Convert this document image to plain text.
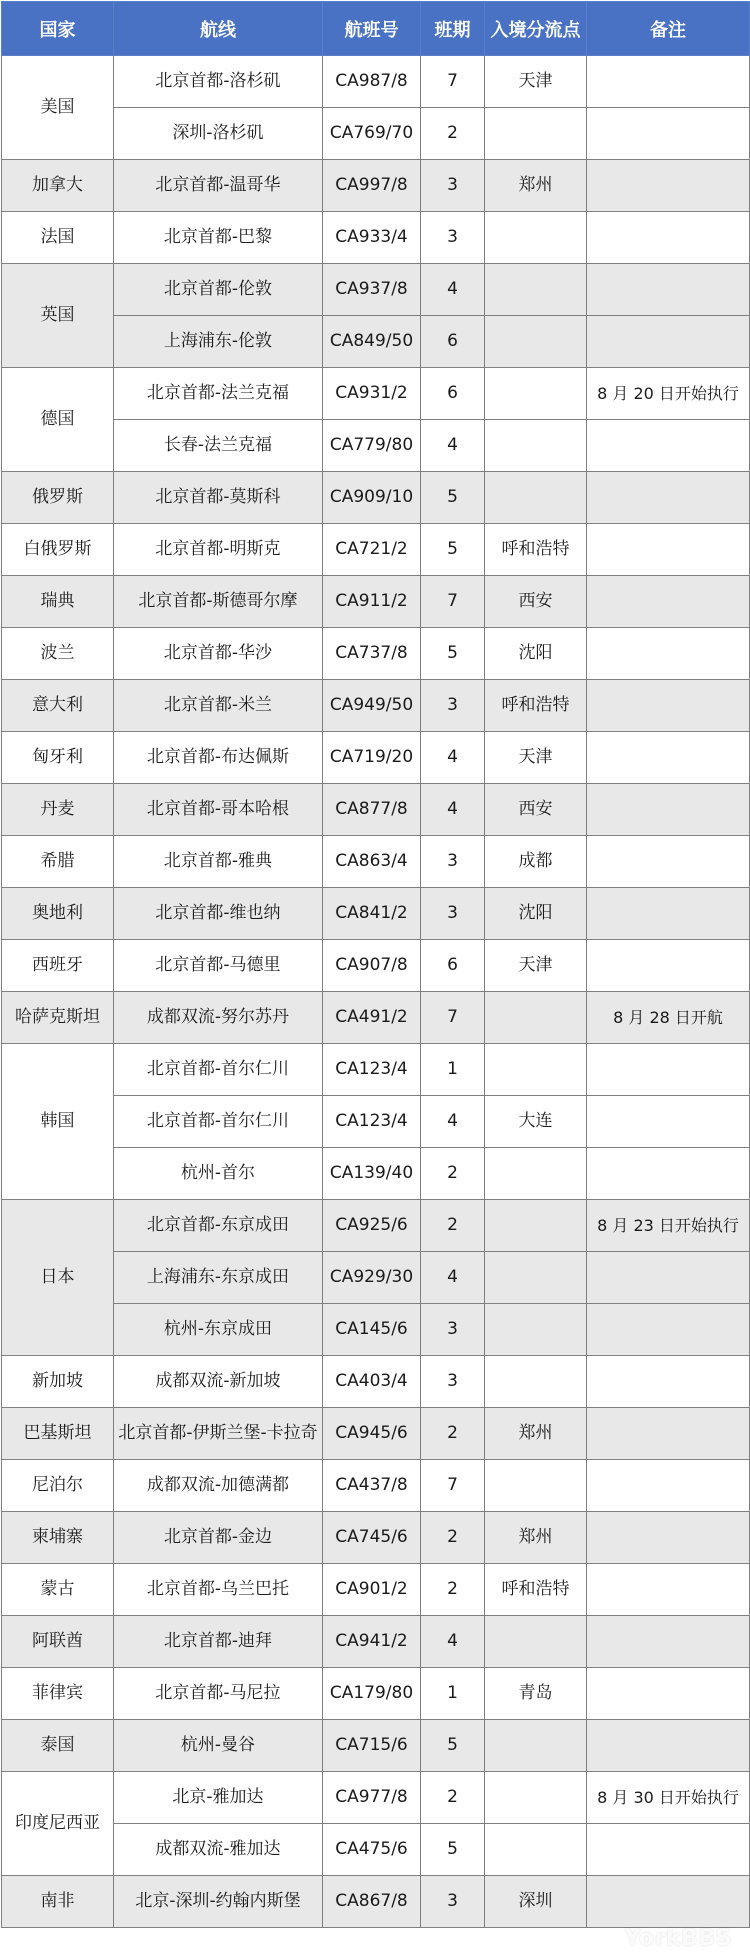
国家	航线	航班号	班期	入境分流点	备注
美国	北京首都-洛杉矶	CA987/8	7	天津	
	深圳-洛杉矶	CA769/70	2		
加拿大	北京首都-温哥华	CA997/8	3	郑州	
法国	北京首都-巴黎	CA933/4	3		
英国	北京首都-伦敦	CA937/8	4		
	上海浦东-伦敦	CA849/50	6		
德国	北京首都-法兰克福	CA931/2	6		8 月 20 日开始执行
	长春-法兰克福	CA779/80	4		
俄罗斯	北京首都-莫斯科	CA909/10	5		
白俄罗斯	北京首都-明斯克	CA721/2	5	呼和浩特	
瑞典	北京首都-斯德哥尔摩	CA911/2	7	西安	
波兰	北京首都-华沙	CA737/8	5	沈阳	
意大利	北京首都-米兰	CA949/50	3	呼和浩特	
匈牙利	北京首都-布达佩斯	CA719/20	4	天津	
丹麦	北京首都-哥本哈根	CA877/8	4	西安	
希腊	北京首都-雅典	CA863/4	3	成都	
奥地利	北京首都-维也纳	CA841/2	3	沈阳	
西班牙	北京首都-马德里	CA907/8	6	天津	
哈萨克斯坦	成都双流-努尔苏丹	CA491/2	7		8 月 28 日开航
韩国	北京首都-首尔仁川	CA123/4	1		
	北京首都-首尔仁川	CA123/4	4	大连	
	杭州-首尔	CA139/40	2		
日本	北京首都-东京成田	CA925/6	2		8 月 23 日开始执行
	上海浦东-东京成田	CA929/30	4		
	杭州-东京成田	CA145/6	3		
新加坡	成都双流-新加坡	CA403/4	3		
巴基斯坦	北京首都-伊斯兰堡-卡拉奇	CA945/6	2	郑州	
尼泊尔	成都双流-加德满都	CA437/8	7		
柬埔寨	北京首都-金边	CA745/6	2	郑州	
蒙古	北京首都-乌兰巴托	CA901/2	2	呼和浩特	
阿联酋	北京首都-迪拜	CA941/2	4		
菲律宾	北京首都-马尼拉	CA179/80	1	青岛	
泰国	杭州-曼谷	CA715/6	5		
印度尼西亚	北京-雅加达	CA977/8	2		8 月 30 日开始执行
	成都双流-雅加达	CA475/6	5		
南非	北京-深圳-约翰内斯堡	CA867/8	3	深圳	
YorkBBS
